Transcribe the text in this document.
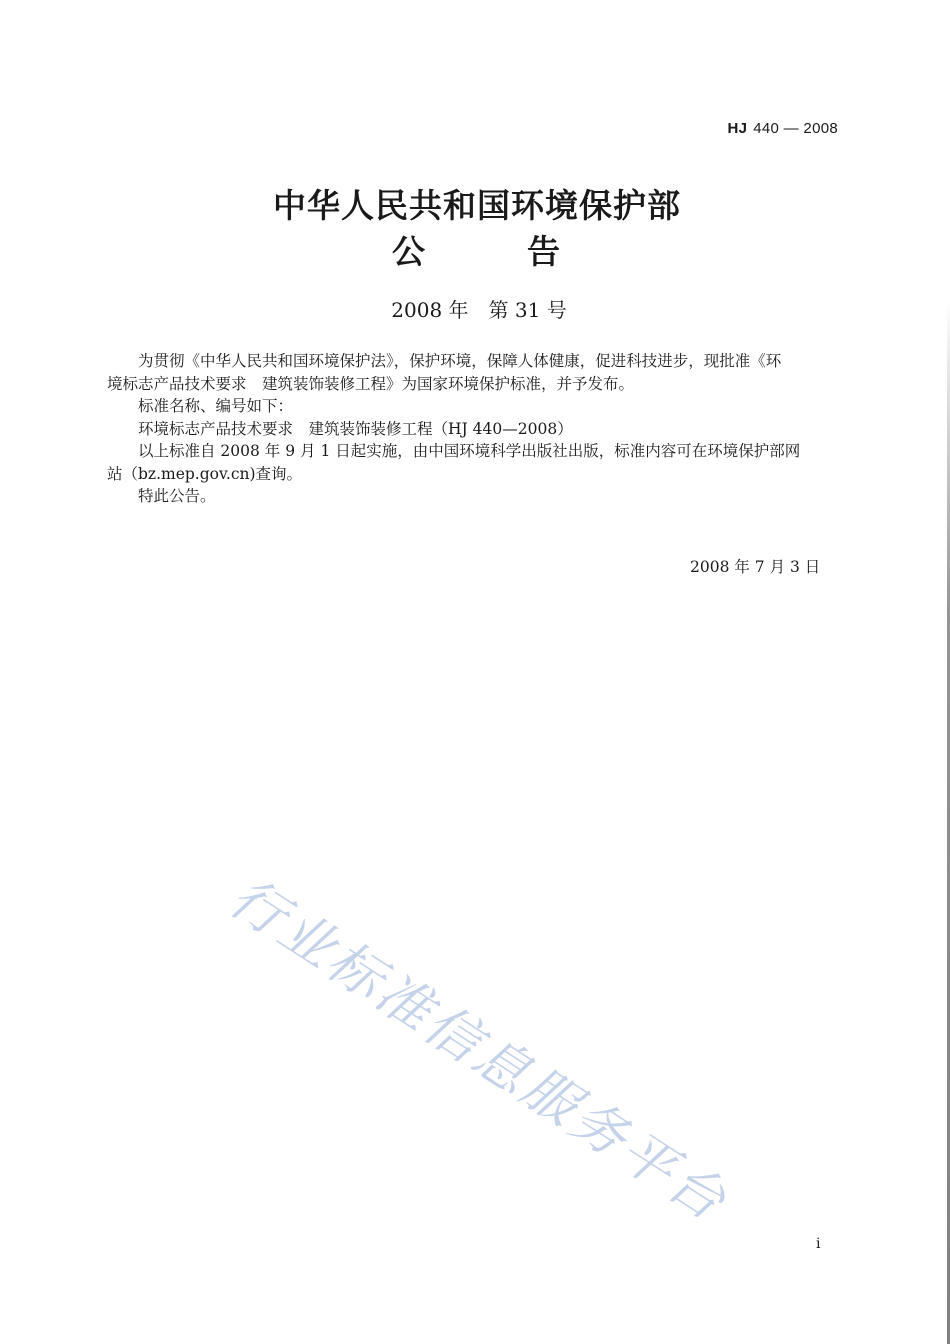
HJ 440 — 2008
中华人民共和国环境保护部
公告
2008 年　第 31 号

为贯彻《中华人民共和国环境保护法》，保护环境，保障人体健康，促进科技进步，现批准《环
境标志产品技术要求　建筑装饰装修工程》为国家环境保护标准，并予发布。

标准名称、编号如下：

环境标志产品技术要求　建筑装饰装修工程（HJ 440—2008）

以上标准自 2008 年 9 月 1 日起实施，由中国环境科学出版社出版，标准内容可在环境保护部网
站（bz.mep.gov.cn)查询。

特此公告。

2008 年 7 月 3 日
行业标准信息服务平台
i
